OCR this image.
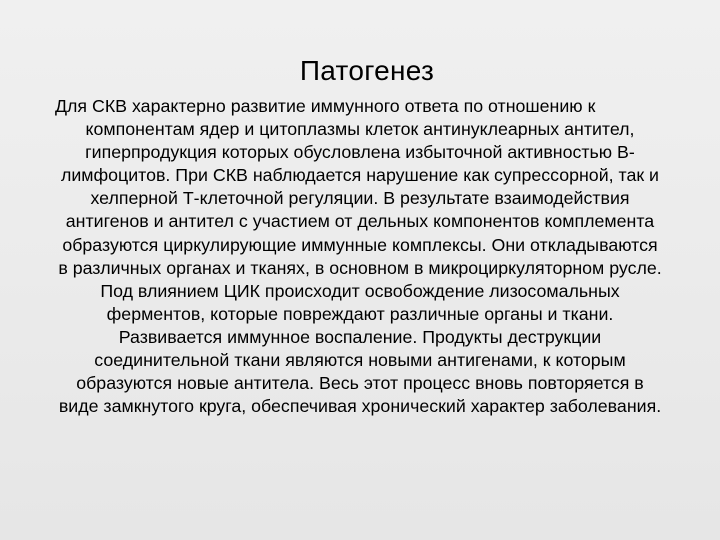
Патогенез

Для СКВ характерно развитие иммунного ответа по отношению к
компонентам ядер и цитоплазмы клеток антинуклеарных антител,
гиперпродукция которых обусловлена избыточной активностью В-
лимфоцитов. При СКВ наблюдается нарушение как супрессорной, так и
хелперной Т-клеточной регуляции. В результате взаимодействия
антигенов и антител с участием от дельных компонентов комплемента
образуются циркулирующие иммунные комплексы. Они откладываются
в различных органах и тканях, в основном в микроциркуляторном русле.
Под влиянием ЦИК происходит освобождение лизосомальных
ферментов, которые повреждают различные органы и ткани.
Развивается иммунное воспаление. Продукты деструкции
соединительной ткани являются новыми антигенами, к которым
образуются новые антитела. Весь этот процесс вновь повторяется в
виде замкнутого круга, обеспечивая хронический характер заболевания.
